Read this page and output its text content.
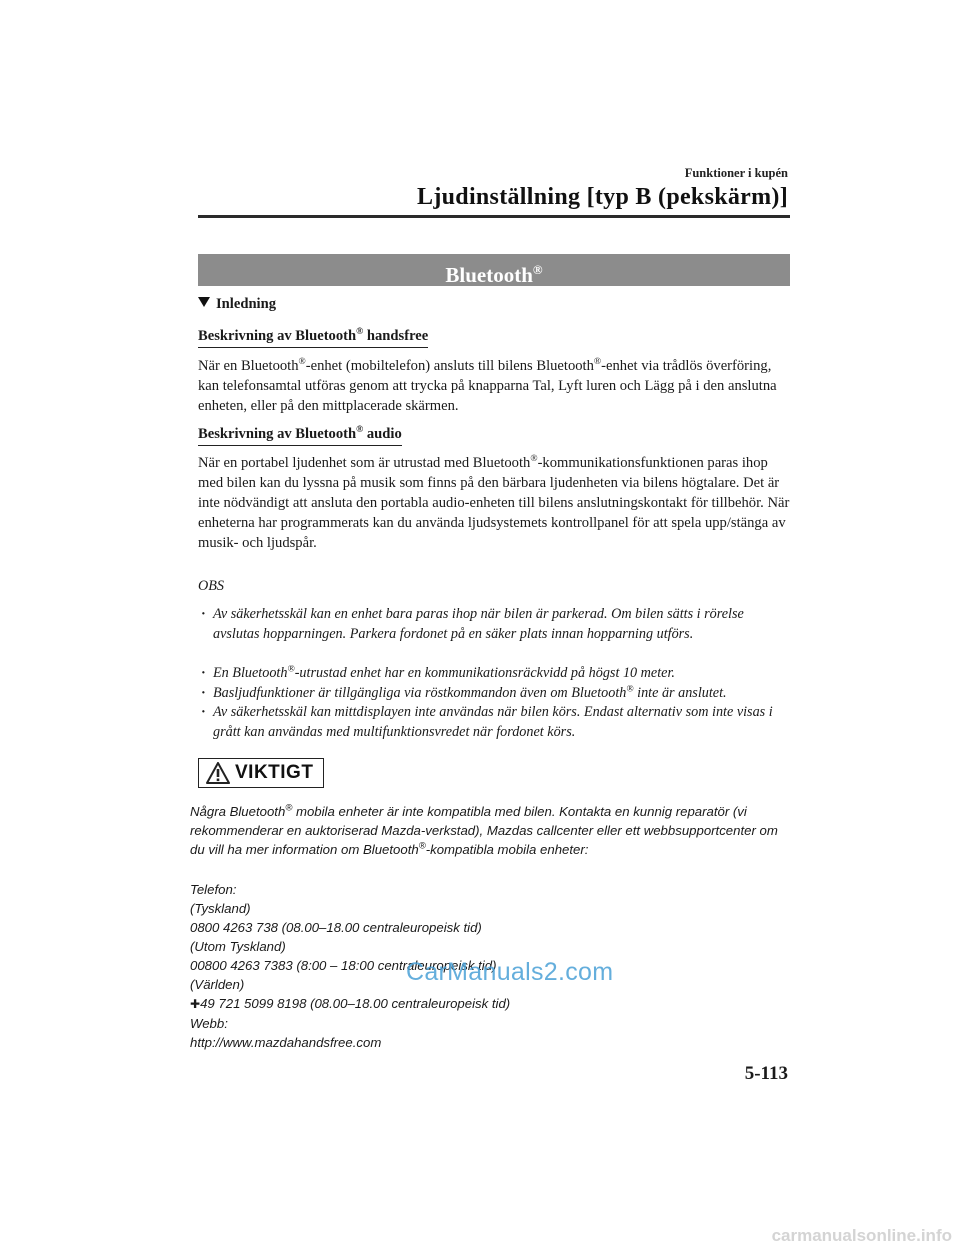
Funktioner i kupén
Ljudinställning [typ B (pekskärm)]
Bluetooth®
Inledning
Beskrivning av Bluetooth® handsfree
När en Bluetooth®-enhet (mobiltelefon) ansluts till bilens Bluetooth®-enhet via trådlös överföring, kan telefonsamtal utföras genom att trycka på knapparna Tal, Lyft luren och Lägg på i den anslutna enheten, eller på den mittplacerade skärmen.
Beskrivning av Bluetooth® audio
När en portabel ljudenhet som är utrustad med Bluetooth®-kommunikationsfunktionen paras ihop med bilen kan du lyssna på musik som finns på den bärbara ljudenheten via bilens högtalare. Det är inte nödvändigt att ansluta den portabla audio-enheten till bilens anslutningskontakt för tillbehör. När enheterna har programmerats kan du använda ljudsystemets kontrollpanel för att spela upp/stänga av musik- och ljudspår.
OBS
· Av säkerhetsskäl kan en enhet bara paras ihop när bilen är parkerad. Om bilen sätts i rörelse avslutas hopparningen. Parkera fordonet på en säker plats innan hopparning utförs.
· En Bluetooth®-utrustad enhet har en kommunikationsräckvidd på högst 10 meter.
· Basljudfunktioner är tillgängliga via röstkommandon även om Bluetooth® inte är anslutet.
· Av säkerhetsskäl kan mittdisplayen inte användas när bilen körs. Endast alternativ som inte visas i grått kan användas med multifunktionsvredet när fordonet körs.
VIKTIGT
Några Bluetooth® mobila enheter är inte kompatibla med bilen. Kontakta en kunnig reparatör (vi rekommenderar en auktoriserad Mazda-verkstad), Mazdas callcenter eller ett webbsupportcenter om du vill ha mer information om Bluetooth®-kompatibla mobila enheter:
Telefon:
(Tyskland)
0800 4263 738 (08.00–18.00 centraleuropeisk tid)
(Utom Tyskland)
00800 4263 7383 (8:00 – 18:00 centraleuropeisk tid)
(Världen)
✚49 721 5099 8198 (08.00–18.00 centraleuropeisk tid)
Webb:
http://www.mazdahandsfree.com
CarManuals2.com
5-113
carmanualsonline.info
